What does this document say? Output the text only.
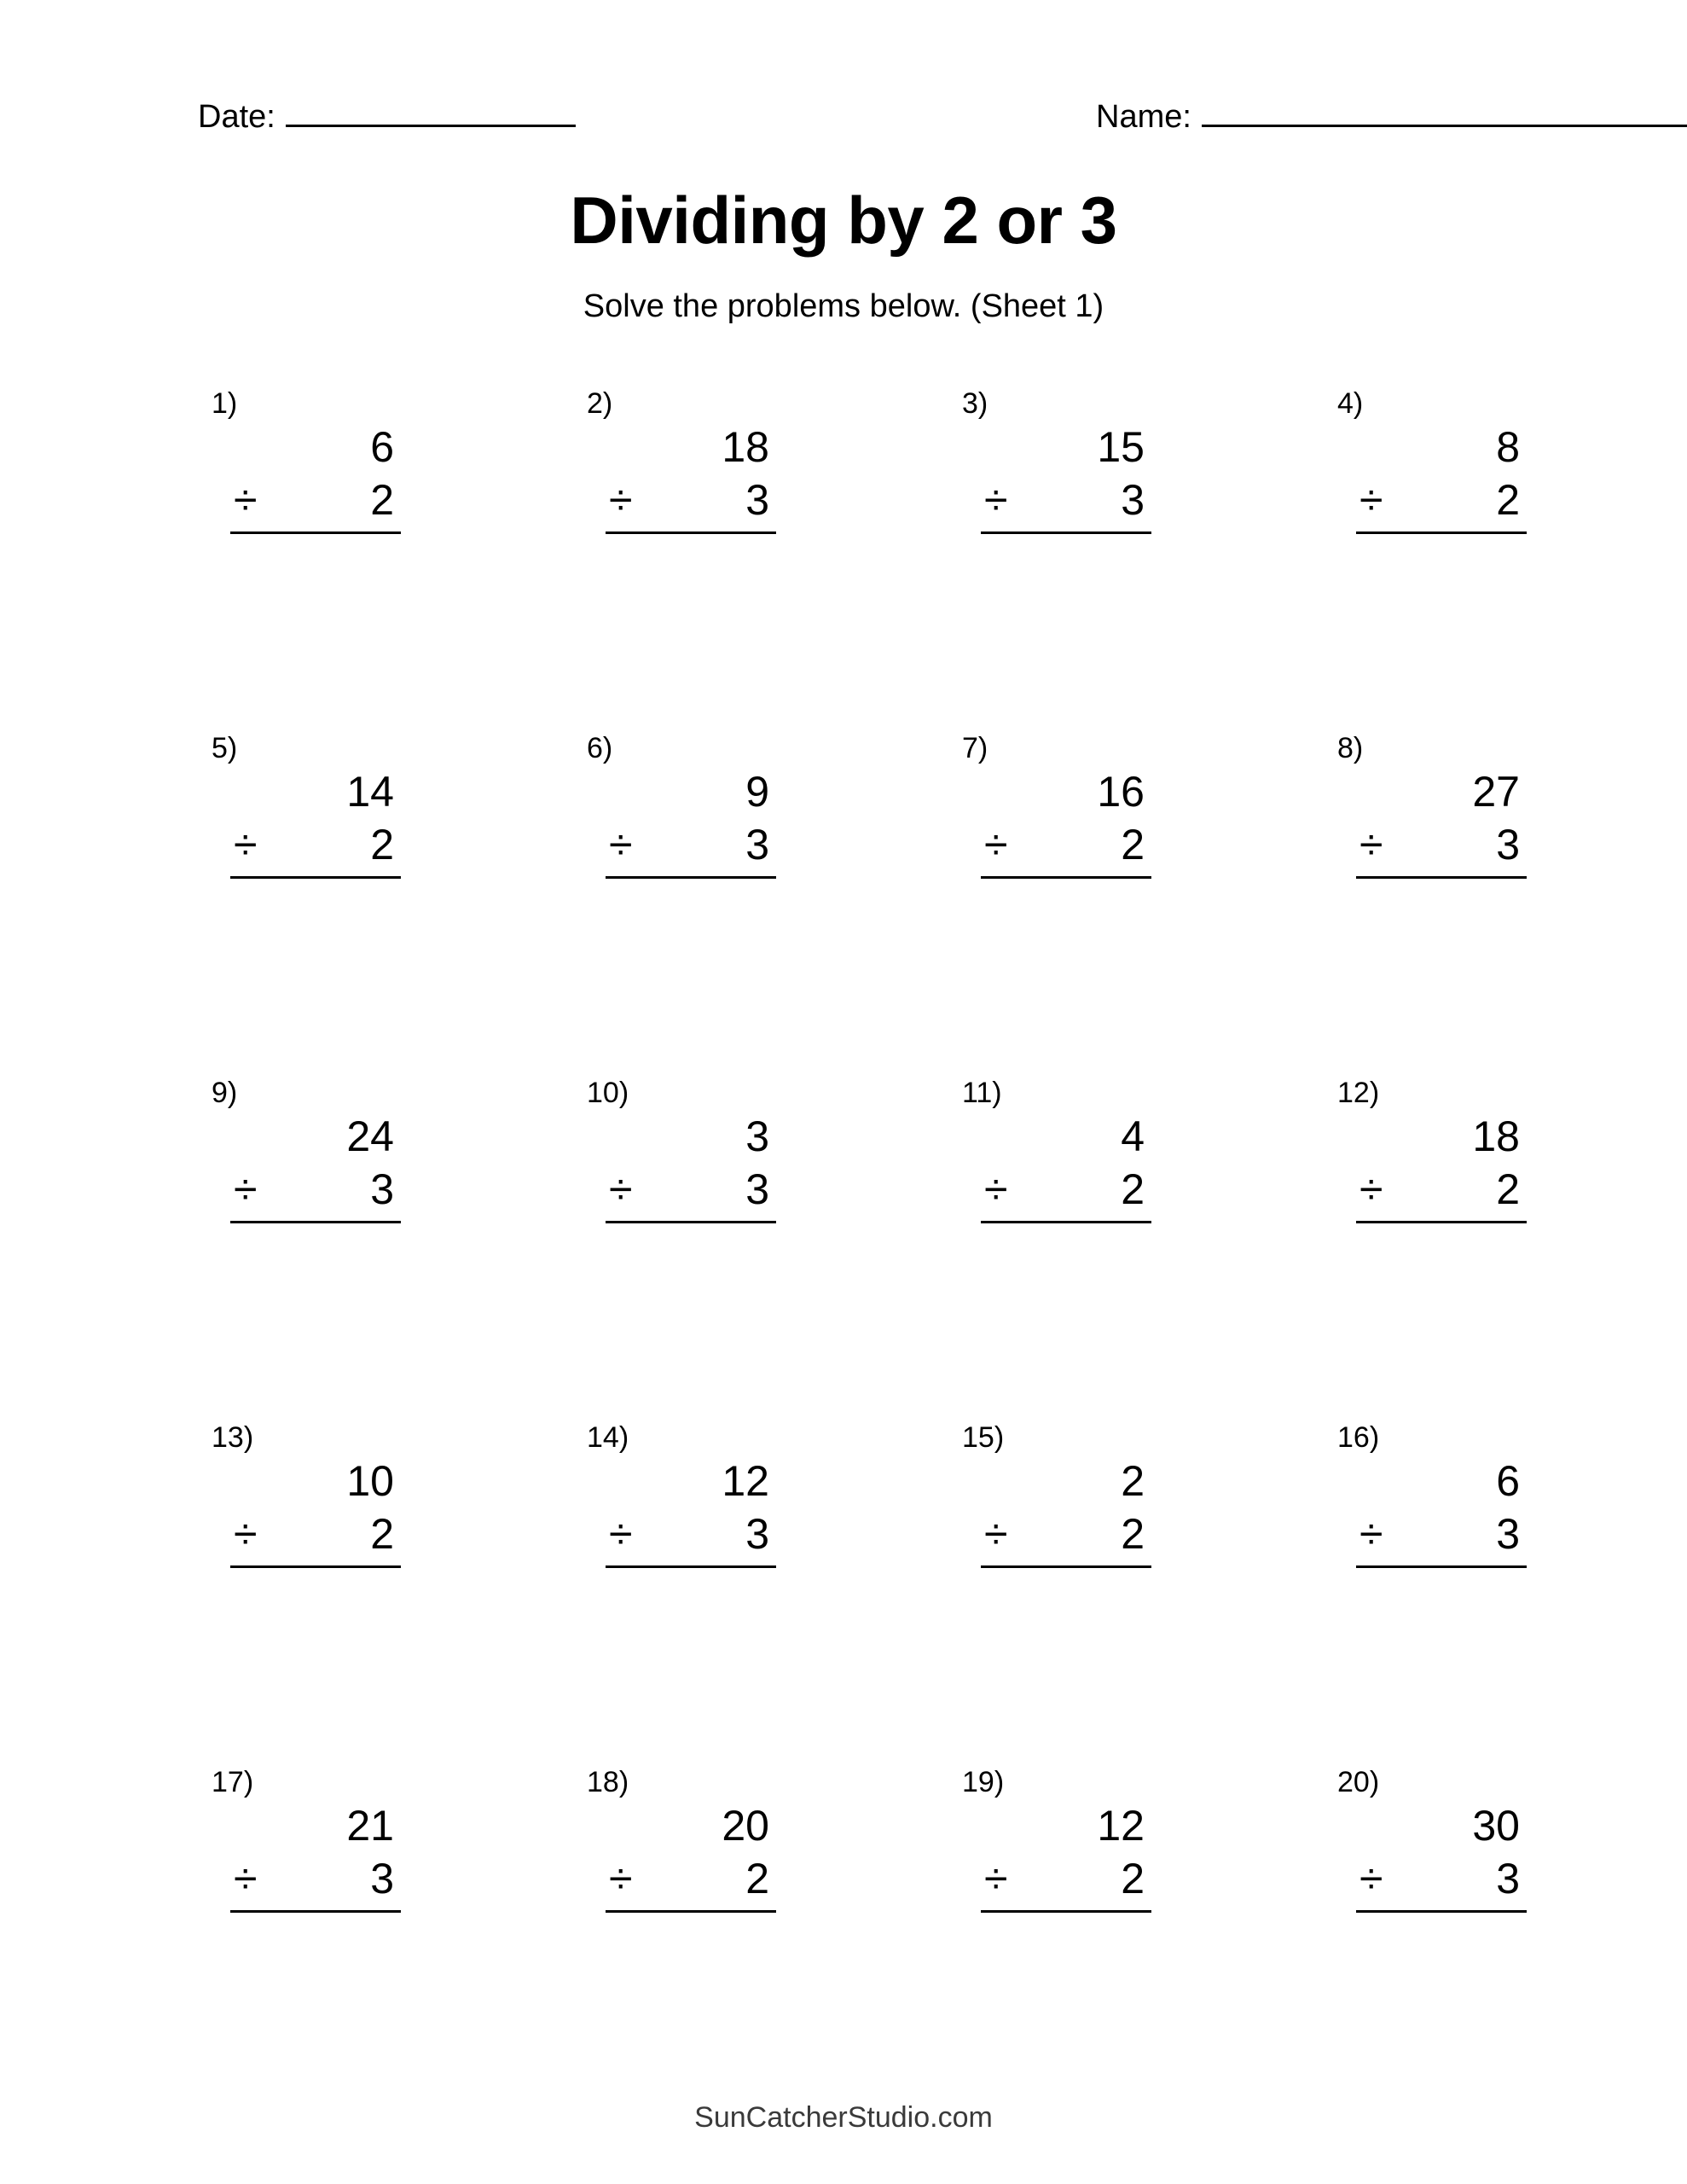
Date:	Name:
Dividing by 2 or 3
Solve the problems below. (Sheet 1)
1)
6
÷	2
2)
18
÷	3
3)
15
÷	3
4)
8
÷	2
5)
14
÷	2
6)
9
÷	3
7)
16
÷	2
8)
27
÷	3
9)
24
÷	3
10)
3
÷	3
11)
4
÷	2
12)
18
÷	2
13)
10
÷	2
14)
12
÷	3
15)
2
÷	2
16)
6
÷	3
17)
21
÷	3
18)
20
÷	2
19)
12
÷	2
20)
30
÷	3
SunCatcherStudio.com
